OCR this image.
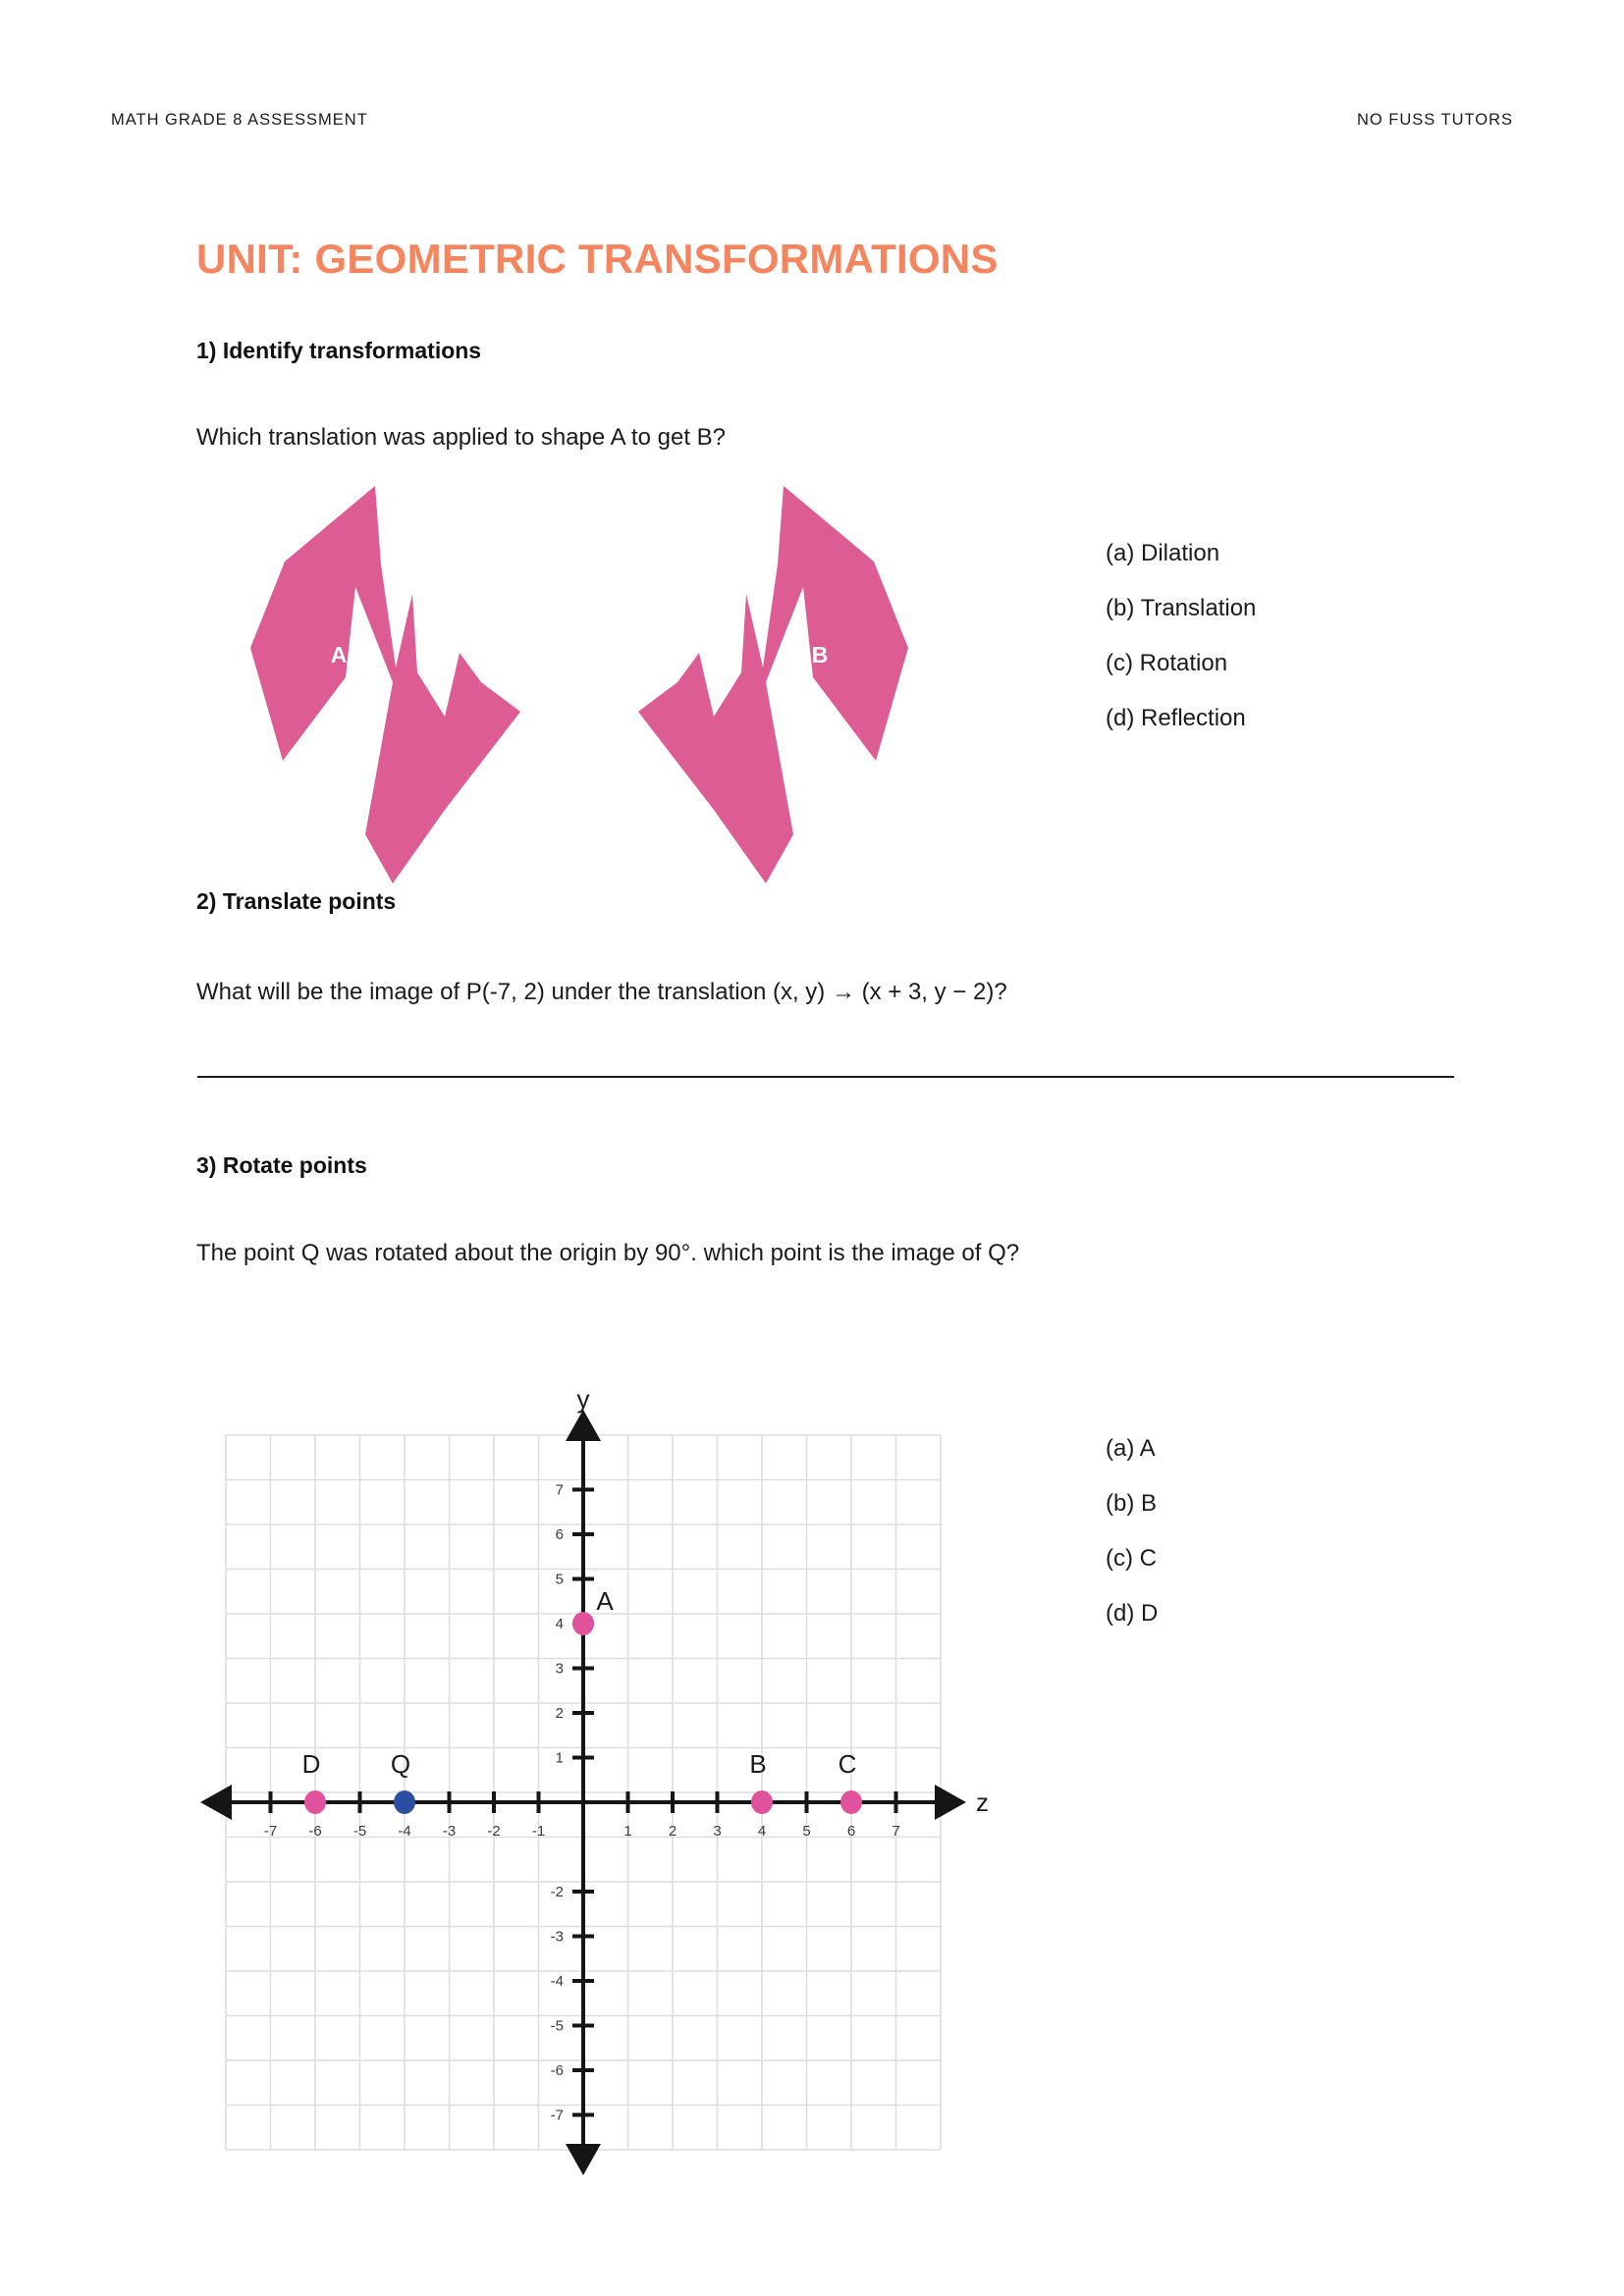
MATH GRADE 8 ASSESSMENT	NO FUSS TUTORS
UNIT: GEOMETRIC TRANSFORMATIONS
1) Identify transformations
Which translation was applied to shape A to get B?
A	B
(a) Dilation
(b) Translation
(c) Rotation
(d) Reflection
2) Translate points
What will be the image of P(-7, 2) under the translation (x, y) → (x + 3, y − 2)?
3) Rotate points
The point Q was rotated about the origin by 90°. which point is the image of Q?
-7 -6 -5 -4 -3 -2 -1	1 2 3 4 5 6 7
7
6
5
4
3
2
1
-2
-3
-4
-5
-6
-7
A
B	C
D	Q
y
z
(a) A
(b) B
(c) C
(d) D
